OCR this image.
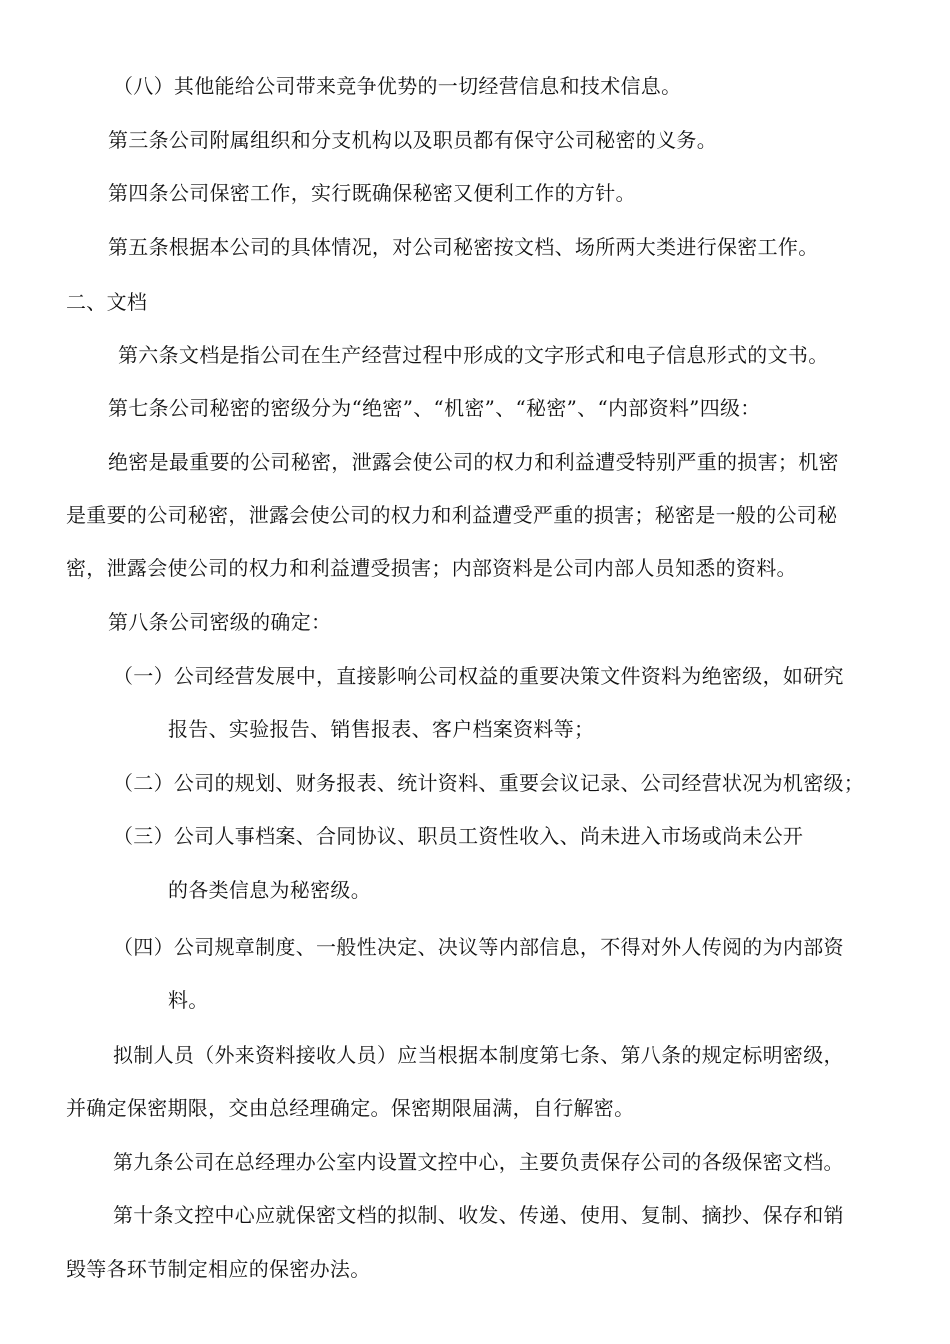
（八）其他能给公司带来竞争优势的一切经营信息和技术信息。
第三条公司附属组织和分支机构以及职员都有保守公司秘密的义务。
第四条公司保密工作，实行既确保秘密又便利工作的方针。
第五条根据本公司的具体情况，对公司秘密按文档、场所两大类进行保密工作。
二、文档
第六条文档是指公司在生产经营过程中形成的文字形式和电子信息形式的文书。
第七条公司秘密的密级分为“绝密”、“机密”、“秘密”、“内部资料”四级：
绝密是最重要的公司秘密，泄露会使公司的权力和利益遭受特别严重的损害；机密
是重要的公司秘密，泄露会使公司的权力和利益遭受严重的损害；秘密是一般的公司秘
密，泄露会使公司的权力和利益遭受损害；内部资料是公司内部人员知悉的资料。
第八条公司密级的确定：
（一）公司经营发展中，直接影响公司权益的重要决策文件资料为绝密级，如研究
报告、实验报告、销售报表、客户档案资料等；
（二）公司的规划、财务报表、统计资料、重要会议记录、公司经营状况为机密级；
（三）公司人事档案、合同协议、职员工资性收入、尚未进入市场或尚未公开
的各类信息为秘密级。
（四）公司规章制度、一般性决定、决议等内部信息，不得对外人传阅的为内部资
料。
拟制人员（外来资料接收人员）应当根据本制度第七条、第八条的规定标明密级，
并确定保密期限，交由总经理确定。保密期限届满，自行解密。
第九条公司在总经理办公室内设置文控中心，主要负责保存公司的各级保密文档。
第十条文控中心应就保密文档的拟制、收发、传递、使用、复制、摘抄、保存和销
毁等各环节制定相应的保密办法。
